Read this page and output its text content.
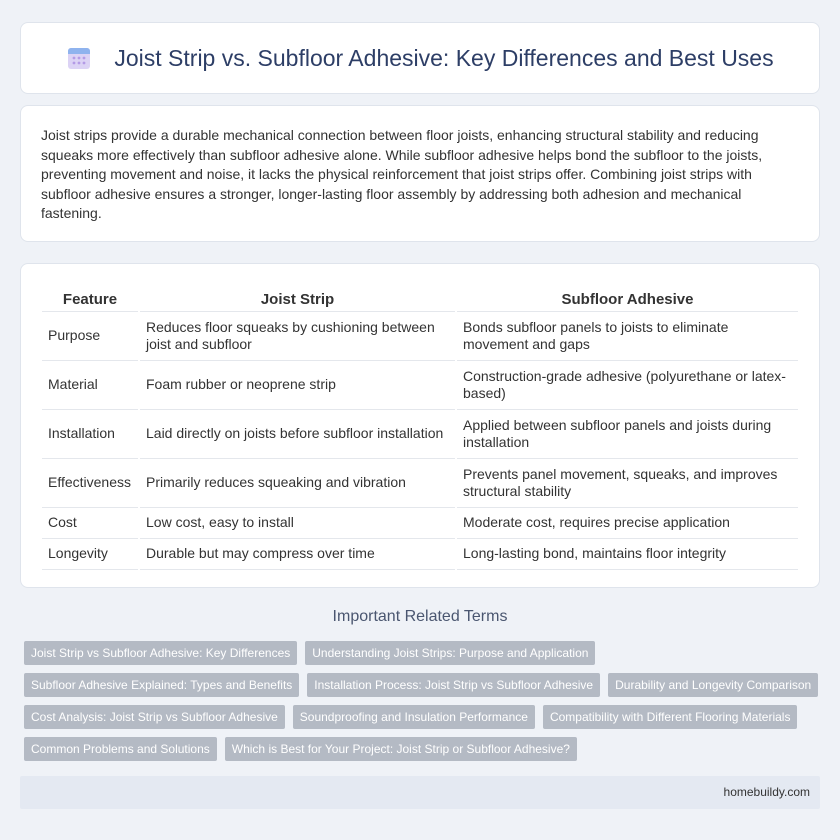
Joist Strip vs. Subfloor Adhesive: Key Differences and Best Uses

Joist strips provide a durable mechanical connection between floor joists, enhancing structural stability and reducing squeaks more effectively than subfloor adhesive alone. While subfloor adhesive helps bond the subfloor to the joists, preventing movement and noise, it lacks the physical reinforcement that joist strips offer. Combining joist strips with subfloor adhesive ensures a stronger, longer-lasting floor assembly by addressing both adhesion and mechanical fastening.

Feature	Joist Strip	Subfloor Adhesive
Purpose	Reduces floor squeaks by cushioning between joist and subfloor	Bonds subfloor panels to joists to eliminate movement and gaps
Material	Foam rubber or neoprene strip	Construction-grade adhesive (polyurethane or latex-based)
Installation	Laid directly on joists before subfloor installation	Applied between subfloor panels and joists during installation
Effectiveness	Primarily reduces squeaking and vibration	Prevents panel movement, squeaks, and improves structural stability
Cost	Low cost, easy to install	Moderate cost, requires precise application
Longevity	Durable but may compress over time	Long-lasting bond, maintains floor integrity
Important Related Terms
Joist Strip vs Subfloor Adhesive: Key Differences	Understanding Joist Strips: Purpose and Application
Subfloor Adhesive Explained: Types and Benefits	Installation Process: Joist Strip vs Subfloor Adhesive	Durability and Longevity Comparison
Cost Analysis: Joist Strip vs Subfloor Adhesive	Soundproofing and Insulation Performance	Compatibility with Different Flooring Materials
Common Problems and Solutions	Which is Best for Your Project: Joist Strip or Subfloor Adhesive?
homebuildy.com
